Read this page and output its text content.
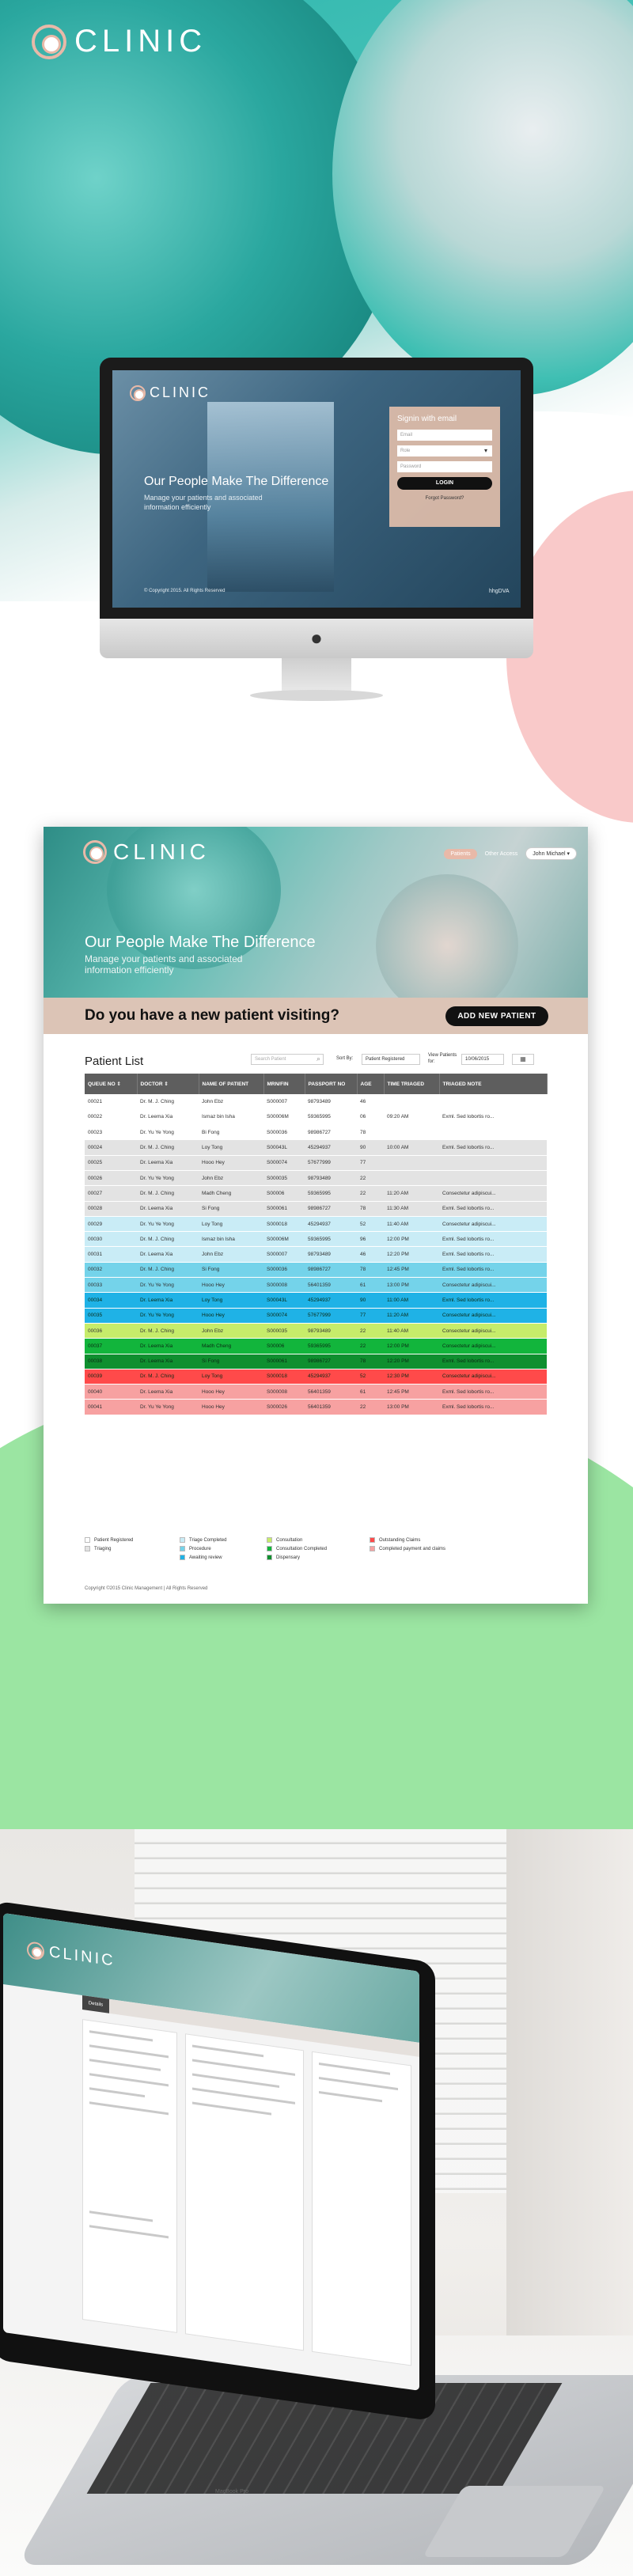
CLINIC
CLINIC
Our People Make The Difference
Manage your patients and associated information efficiently
Signin with email
Email
Role ▾
Password
LOGIN
Forgot Password?
© Copyright 2015. All Rights Reserved	hhgDVA
●
CLINIC	Patients	Other Access	John Michael ▾
Our People Make The Difference
Manage your patients and associated information efficiently
Do you have a new patient visiting?	ADD NEW PATIENT
Patient List	Search Patient ⌕	Sort By:	Patient Registered
View Patients for:	10/06/2015	▦
QUEUE NO ⇕	DOCTOR ⇕	NAME OF PATIENT	MRN/FIN	PASSPORT NO	AGE	TIME TRIAGED	TRIAGED NOTE
00021	Dr. M. J. Ching	John Ebz	S000007	98793489	46		
00022	Dr. Leema Xia	Ismaz bin Isha	S00006M	59365995	06	09:20 AM	Exml. Sed lobortis ro...
00023	Dr. Yu Ye Yong	Bi Fong	S000036	98986727	78		
00024	Dr. M. J. Ching	Loy Tong	S00043L	45294937	90	10:00 AM	Exml. Sed lobortis ro...
00025	Dr. Leema Xia	Hooo Hey	S000074	57677999	77		
00026	Dr. Yu Ye Yong	John Ebz	S000035	98793489	22		
00027	Dr. M. J. Ching	Madh Cheng	S00006	59365995	22	11:20 AM	Consectetur adipiscui...
00028	Dr. Leema Xia	Si Fong	S000061	98986727	78	11:30 AM	Exml. Sed lobortis ro...
00029	Dr. Yu Ye Yong	Loy Tong	S000018	45294937	52	11:40 AM	Consectetur adipiscui...
00030	Dr. M. J. Ching	Ismaz bin Isha	S00006M	59365995	96	12:00 PM	Exml. Sed lobortis ro...
00031	Dr. Leema Xia	John Ebz	S000007	98793489	46	12:20 PM	Exml. Sed lobortis ro...
00032	Dr. M. J. Ching	Si Fong	S000036	98986727	78	12:45 PM	Exml. Sed lobortis ro...
00033	Dr. Yu Ye Yong	Hooo Hey	S000008	56401359	61	13:00 PM	Consectetur adipiscui...
00034	Dr. Leema Xia	Loy Tong	S00043L	45294937	90	11:00 AM	Exml. Sed lobortis ro...
00035	Dr. Yu Ye Yong	Hooo Hey	S000074	57677999	77	11:20 AM	Consectetur adipiscui...
00036	Dr. M. J. Ching	John Ebz	S000035	98793489	22	11:40 AM	Consectetur adipiscui...
00037	Dr. Leema Xia	Madh Cheng	S00006	59365995	22	12:00 PM	Consectetur adipiscui...
00038	Dr. Leema Xia	Si Fong	S000061	98986727	78	12:20 PM	Exml. Sed lobortis ro...
00039	Dr. M. J. Ching	Loy Tong	S000018	45294937	52	12:30 PM	Consectetur adipiscui...
00040	Dr. Leema Xia	Hooo Hey	S000008	56401359	61	12:45 PM	Exml. Sed lobortis ro...
00041	Dr. Yu Ye Yong	Hooo Hey	S000026	56401359	22	13:00 PM	Exml. Sed lobortis ro...
Patient Registered
Triaging
Triage Completed
Procedure
Awaiting review
Consultation
Consultation Completed
Dispensary
Outstanding Claims
Completed payment and claims
Copyright ©2015 Clinic Management | All Rights Reserved
CLINIC
Details
MacBook Pro
